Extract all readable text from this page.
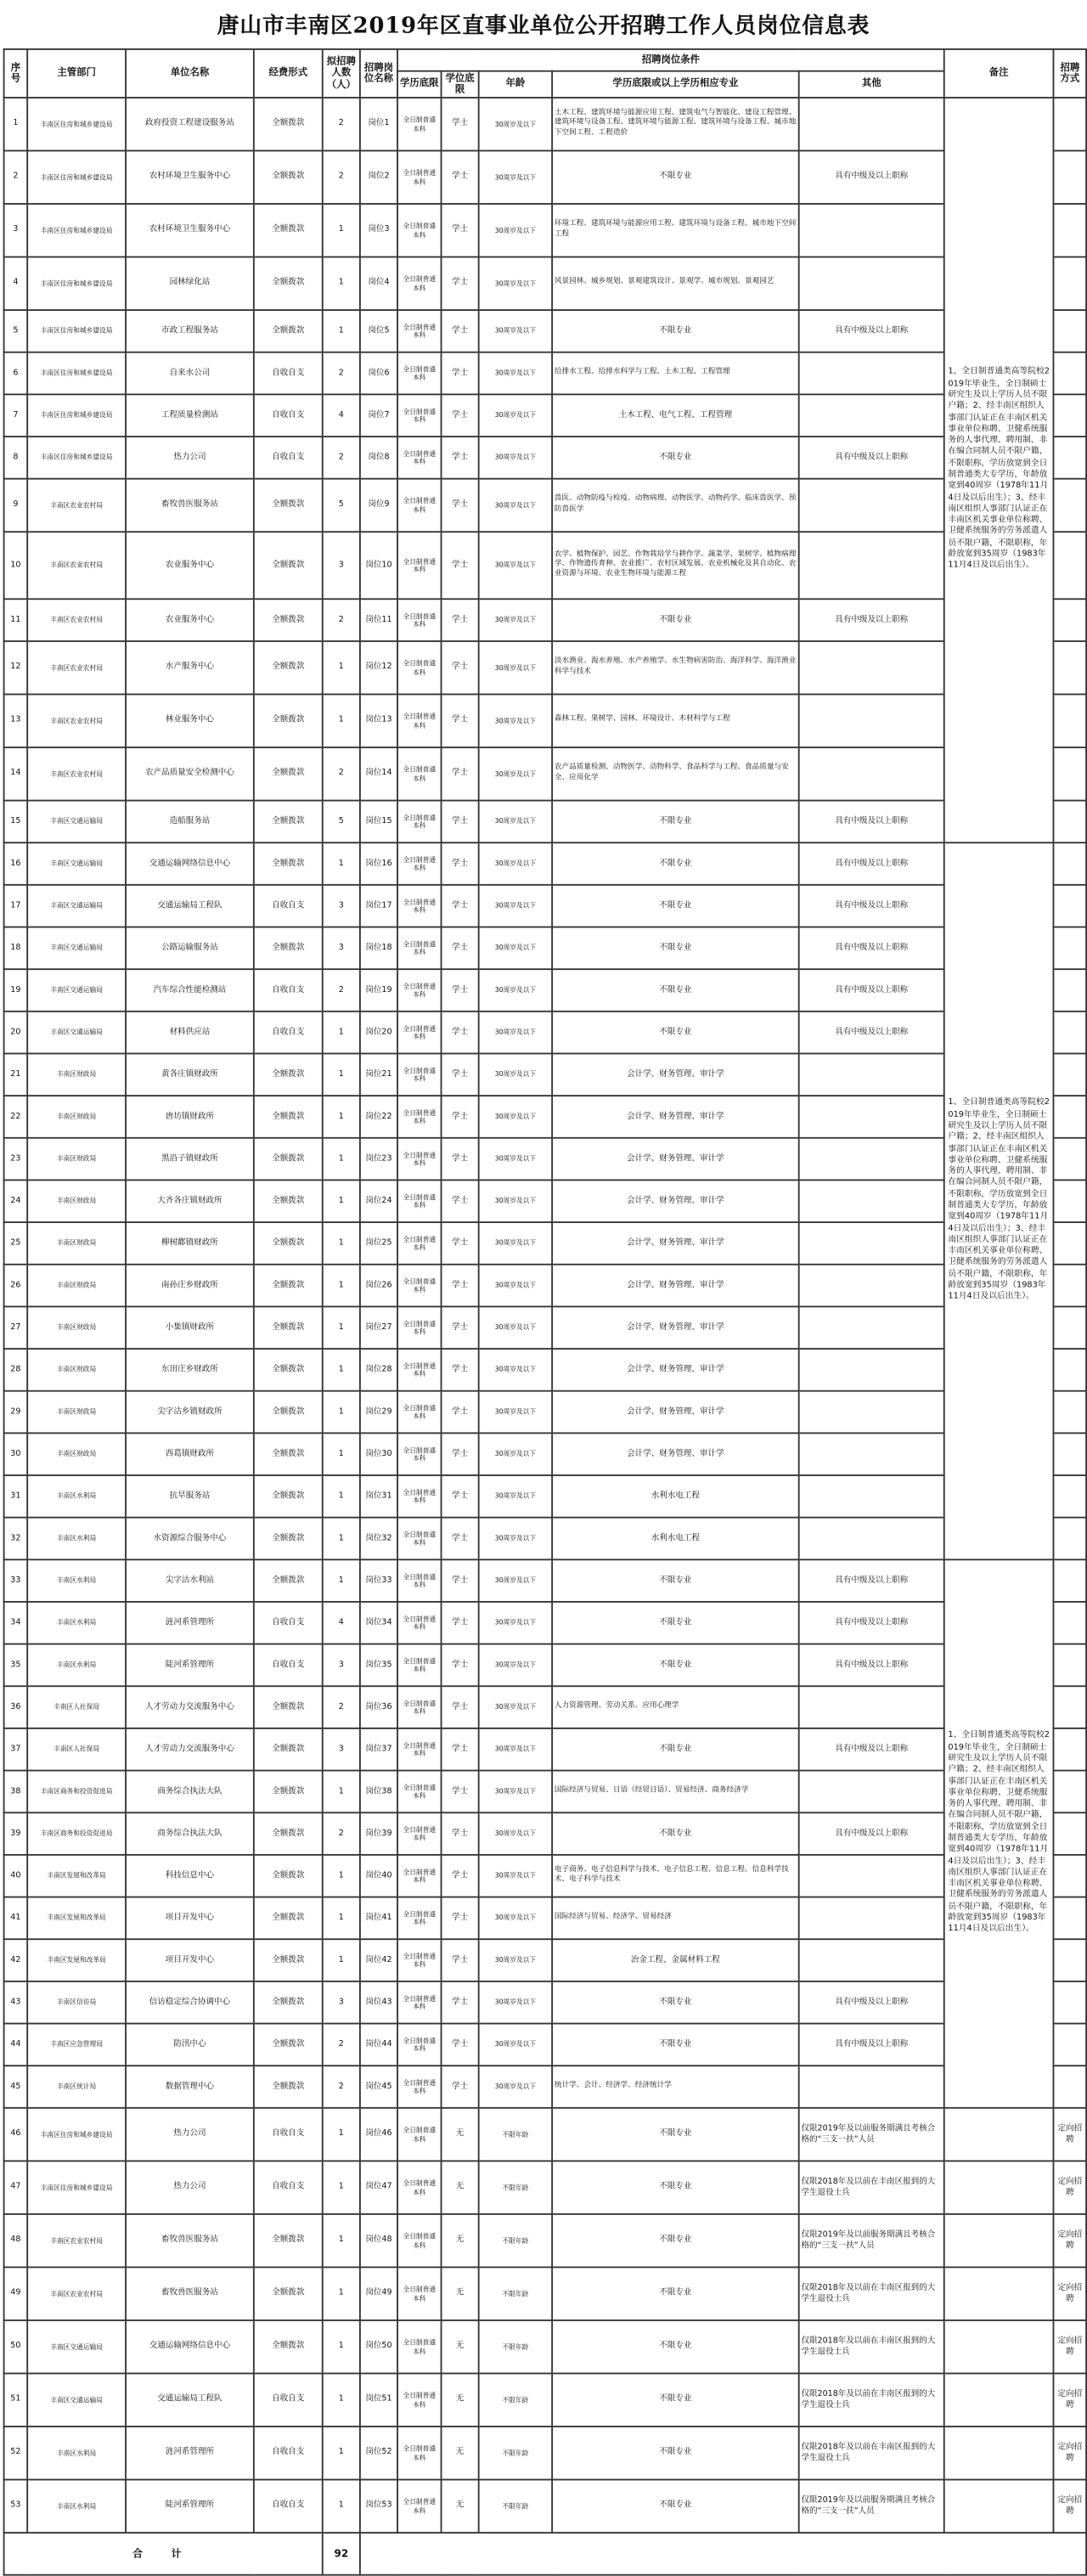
唐山市丰南区2019年区直事业单位公开招聘工作人员岗位信息表
序号	主管部门	单位名称	经费形式	拟招聘人数（人）	招聘岗位名称	招聘岗位条件					备注	招聘方式
						学历底限	学位底限	年龄	学历底限或以上学历相应专业	其他		
1	丰南区住房和城乡建设局	政府投资工程建设服务站	全额拨款	2	岗位1	全日制普通本科	学士	30周岁及以下	土木工程、建筑环境与能源应用工程、建筑电气与智能化、建设工程管理、建筑环境与设备工程、建筑环境与能源工程、建筑环境与设备工程、城市地下空间工程、工程造价		1、全日制普通类高等院校2019年毕业生，全日制硕士研究生及以上学历人员不限户籍；2、经丰南区组织人事部门认证正在丰南区机关事业单位称聘、卫健系统服务的人事代理、聘用制、非在编合同制人员不限户籍，不限职称，学历放宽到全日制普通类大专学历，年龄放宽到40周岁（1978年11月4日及以后出生）；3、经丰南区组织人事部门认证正在丰南区机关事业单位称聘、卫健系统服务的劳务派遣人员不限户籍，不限职称，年龄放宽到35周岁（1983年11月4日及以后出生）。	
2	丰南区住房和城乡建设局	农村环境卫生服务中心	全额拨款	2	岗位2	全日制普通本科	学士	30周岁及以下	不限专业	具有中级及以上职称		
3	丰南区住房和城乡建设局	农村环境卫生服务中心	全额拨款	1	岗位3	全日制普通本科	学士	30周岁及以下	环境工程、建筑环境与能源应用工程、建筑环境与设备工程、城市地下空间工程			
4	丰南区住房和城乡建设局	园林绿化站	全额拨款	1	岗位4	全日制普通本科	学士	30周岁及以下	风景园林、城乡规划、景观建筑设计、景观学、城市规划、景观园艺			
5	丰南区住房和城乡建设局	市政工程服务站	全额拨款	1	岗位5	全日制普通本科	学士	30周岁及以下	不限专业	具有中级及以上职称		
6	丰南区住房和城乡建设局	自来水公司	自收自支	2	岗位6	全日制普通本科	学士	30周岁及以下	给排水工程、给排水科学与工程、土木工程、工程管理			
7	丰南区住房和城乡建设局	工程质量检测站	自收自支	4	岗位7	全日制普通本科	学士	30周岁及以下	土木工程、电气工程、工程管理			
8	丰南区住房和城乡建设局	热力公司	自收自支	2	岗位8	全日制普通本科	学士	30周岁及以下	不限专业	具有中级及以上职称		
9	丰南区农业农村局	畜牧兽医服务站	全额拨款	5	岗位9	全日制普通本科	学士	30周岁及以下	兽医、动物防疫与检疫、动物病理、动物医学、动物药学、临床兽医学、预防兽医学			
10	丰南区农业农村局	农业服务中心	全额拨款	3	岗位10	全日制普通本科	学士	30周岁及以下	农学、植物保护、园艺、作物栽培学与耕作学、蔬菜学、果树学、植物病理学、作物遗传育种、农业推广、农村区域发展、农业机械化及其自动化、农业资源与环境、农业生物环境与能源工程			
11	丰南区农业农村局	农业服务中心	全额拨款	2	岗位11	全日制普通本科	学士	30周岁及以下	不限专业	具有中级及以上职称		
12	丰南区农业农村局	水产服务中心	全额拨款	1	岗位12	全日制普通本科	学士	30周岁及以下	淡水渔业、海水养殖、水产养殖学、水生物病害防治、海洋科学、海洋渔业科学与技术			
13	丰南区农业农村局	林业服务中心	全额拨款	1	岗位13	全日制普通本科	学士	30周岁及以下	森林工程、果树学、园林、环境设计、木材科学与工程			
14	丰南区农业农村局	农产品质量安全检测中心	全额拨款	2	岗位14	全日制普通本科	学士	30周岁及以下	农产品质量检测、动物医学、动物科学、食品科学与工程、食品质量与安全、应用化学			
15	丰南区交通运输局	造船服务站	全额拨款	5	岗位15	全日制普通本科	学士	30周岁及以下	不限专业	具有中级及以上职称		
16	丰南区交通运输局	交通运输网络信息中心	全额拨款	1	岗位16	全日制普通本科	学士	30周岁及以下	不限专业	具有中级及以上职称	1、全日制普通类高等院校2019年毕业生，全日制硕士研究生及以上学历人员不限户籍；2、经丰南区组织人事部门认证正在丰南区机关事业单位称聘、卫健系统服务的人事代理、聘用制、非在编合同制人员不限户籍，不限职称，学历放宽到全日制普通类大专学历，年龄放宽到40周岁（1978年11月4日及以后出生）；3、经丰南区组织人事部门认证正在丰南区机关事业单位称聘、卫健系统服务的劳务派遣人员不限户籍，不限职称，年龄放宽到35周岁（1983年11月4日及以后出生）。	
17	丰南区交通运输局	交通运输局工程队	自收自支	3	岗位17	全日制普通本科	学士	30周岁及以下	不限专业	具有中级及以上职称		
18	丰南区交通运输局	公路运输服务站	全额拨款	3	岗位18	全日制普通本科	学士	30周岁及以下	不限专业	具有中级及以上职称		
19	丰南区交通运输局	汽车综合性能检测站	自收自支	2	岗位19	全日制普通本科	学士	30周岁及以下	不限专业	具有中级及以上职称		
20	丰南区交通运输局	材料供应站	自收自支	1	岗位20	全日制普通本科	学士	30周岁及以下	不限专业	具有中级及以上职称		
21	丰南区财政局	黄各庄镇财政所	全额拨款	1	岗位21	全日制普通本科	学士	30周岁及以下	会计学、财务管理、审计学			
22	丰南区财政局	唐坊镇财政所	全额拨款	1	岗位22	全日制普通本科	学士	30周岁及以下	会计学、财务管理、审计学			
23	丰南区财政局	黑沿子镇财政所	全额拨款	1	岗位23	全日制普通本科	学士	30周岁及以下	会计学、财务管理、审计学			
24	丰南区财政局	大齐各庄镇财政所	全额拨款	1	岗位24	全日制普通本科	学士	30周岁及以下	会计学、财务管理、审计学			
25	丰南区财政局	柳树酄镇财政所	全额拨款	1	岗位25	全日制普通本科	学士	30周岁及以下	会计学、财务管理、审计学			
26	丰南区财政局	南孙庄乡财政所	全额拨款	1	岗位26	全日制普通本科	学士	30周岁及以下	会计学、财务管理、审计学			
27	丰南区财政局	小集镇财政所	全额拨款	1	岗位27	全日制普通本科	学士	30周岁及以下	会计学、财务管理、审计学			
28	丰南区财政局	东田庄乡财政所	全额拨款	1	岗位28	全日制普通本科	学士	30周岁及以下	会计学、财务管理、审计学			
29	丰南区财政局	尖字沽乡镇财政所	全额拨款	1	岗位29	全日制普通本科	学士	30周岁及以下	会计学、财务管理、审计学			
30	丰南区财政局	西葛镇财政所	全额拨款	1	岗位30	全日制普通本科	学士	30周岁及以下	会计学、财务管理、审计学			
31	丰南区水利局	抗旱服务站	全额拨款	1	岗位31	全日制普通本科	学士	30周岁及以下	水利水电工程			
32	丰南区水利局	水资源综合服务中心	全额拨款	1	岗位32	全日制普通本科	学士	30周岁及以下	水利水电工程			
33	丰南区水利局	尖字沽水利站	全额拨款	1	岗位33	全日制普通本科	学士	30周岁及以下	不限专业	具有中级及以上职称	1、全日制普通类高等院校2019年毕业生，全日制硕士研究生及以上学历人员不限户籍；2、经丰南区组织人事部门认证正在丰南区机关事业单位称聘、卫健系统服务的人事代理、聘用制、非在编合同制人员不限户籍，不限职称，学历放宽到全日制普通类大专学历，年龄放宽到40周岁（1978年11月4日及以后出生）；3、经丰南区组织人事部门认证正在丰南区机关事业单位称聘、卫健系统服务的劳务派遣人员不限户籍，不限职称，年龄放宽到35周岁（1983年11月4日及以后出生）。	
34	丰南区水利局	涟河系管理所	自收自支	4	岗位34	全日制普通本科	学士	30周岁及以下	不限专业	具有中级及以上职称		
35	丰南区水利局	陡河系管理所	自收自支	3	岗位35	全日制普通本科	学士	30周岁及以下	不限专业	具有中级及以上职称		
36	丰南区人社保局	人才劳动力交流服务中心	全额拨款	2	岗位36	全日制普通本科	学士	30周岁及以下	人力资源管理、劳动关系、应用心理学			
37	丰南区人社保局	人才劳动力交流服务中心	全额拨款	3	岗位37	全日制普通本科	学士	30周岁及以下	不限专业	具有中级及以上职称		
38	丰南区商务和投资促进局	商务综合执法大队	全额拨款	1	岗位38	全日制普通本科	学士	30周岁及以下	国际经济与贸易、日语（经贸日语）、贸易经济、商务经济学			
39	丰南区商务和投资促进局	商务综合执法大队	全额拨款	2	岗位39	全日制普通本科	学士	30周岁及以下	不限专业	具有中级及以上职称		
40	丰南区发展和改革局	科技信息中心	全额拨款	1	岗位40	全日制普通本科	学士	30周岁及以下	电子商务、电子信息科学与技术、电子信息工程、信息工程、信息科学技术、电子科学与技术			
41	丰南区发展和改革局	项目开发中心	全额拨款	1	岗位41	全日制普通本科	学士	30周岁及以下	国际经济与贸易、经济学、贸易经济			
42	丰南区发展和改革局	项目开发中心	全额拨款	1	岗位42	全日制普通本科	学士	30周岁及以下	冶金工程、金属材料工程			
43	丰南区信访局	信访稳定综合协调中心	全额拨款	3	岗位43	全日制普通本科	学士	30周岁及以下	不限专业	具有中级及以上职称		
44	丰南区应急管理局	防汛中心	全额拨款	2	岗位44	全日制普通本科	学士	30周岁及以下	不限专业	具有中级及以上职称		
45	丰南区统计局	数据管理中心	全额拨款	2	岗位45	全日制普通本科	学士	30周岁及以下	统计学、会计、经济学、经济统计学			
46	丰南区住房和城乡建设局	热力公司	自收自支	1	岗位46	全日制普通本科	无	不限年龄	不限专业	仅限2019年及以前服务期满且考核合格的“三支一扶”人员		定向招聘
47	丰南区住房和城乡建设局	热力公司	自收自支	1	岗位47	全日制普通本科	无	不限年龄	不限专业	仅限2018年及以前在丰南区报到的大学生退役士兵		定向招聘
48	丰南区农业农村局	畜牧兽医服务站	全额拨款	1	岗位48	全日制普通本科	无	不限年龄	不限专业	仅限2019年及以前服务期满且考核合格的“三支一扶”人员		定向招聘
49	丰南区农业农村局	畜牧兽医服务站	全额拨款	1	岗位49	全日制普通本科	无	不限年龄	不限专业	仅限2018年及以前在丰南区报到的大学生退役士兵		定向招聘
50	丰南区交通运输局	交通运输网络信息中心	全额拨款	1	岗位50	全日制普通本科	无	不限年龄	不限专业	仅限2018年及以前在丰南区报到的大学生退役士兵		定向招聘
51	丰南区交通运输局	交通运输局工程队	自收自支	1	岗位51	全日制普通本科	无	不限年龄	不限专业	仅限2018年及以前在丰南区报到的大学生退役士兵		定向招聘
52	丰南区水利局	涟河系管理所	自收自支	1	岗位52	全日制普通本科	无	不限年龄	不限专业	仅限2018年及以前在丰南区报到的大学生退役士兵		定向招聘
53	丰南区水利局	陡河系管理所	自收自支	1	岗位53	全日制普通本科	无	不限年龄	不限专业	仅限2019年及以前服务期满且考核合格的“三支一扶”人员		定向招聘
合 计				92								
